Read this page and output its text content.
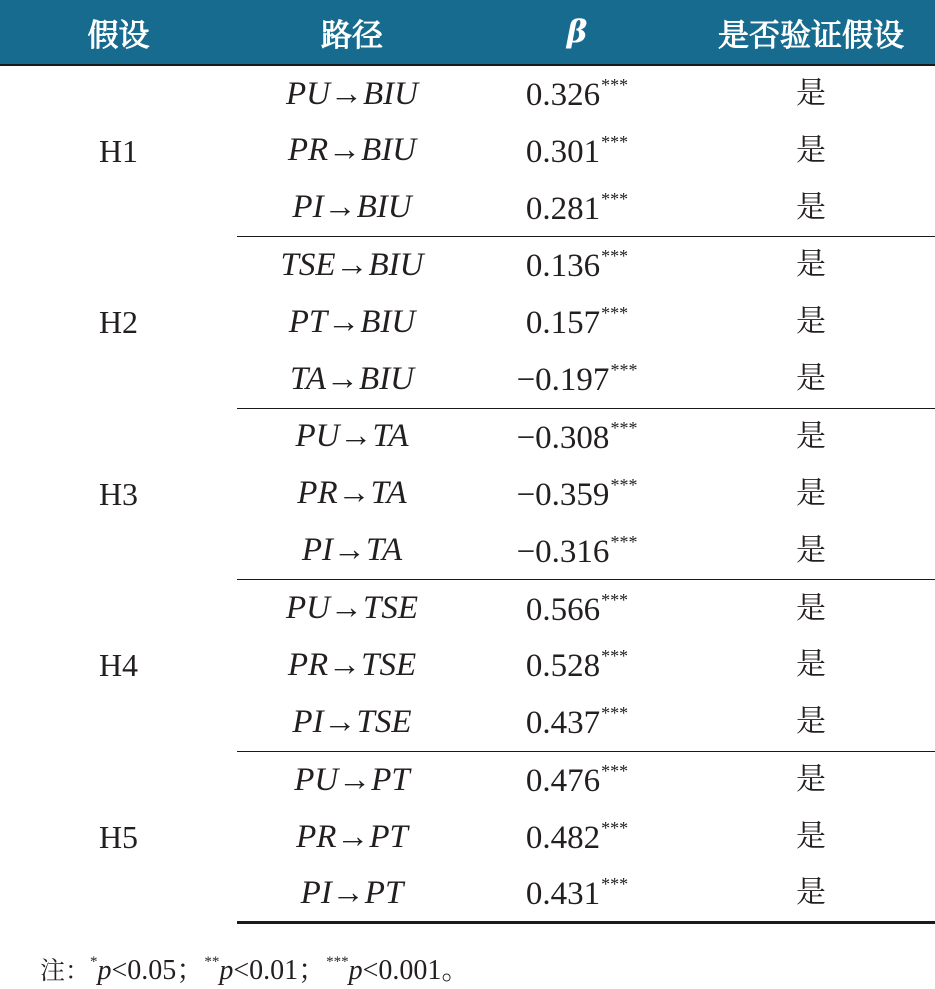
假设	路径	β	是否验证假设
H1	PU→BIU	0.326***	是
	PR→BIU	0.301***	是
	PI→BIU	0.281***	是
H2	TSE→BIU	0.136***	是
	PT→BIU	0.157***	是
	TA→BIU	−0.197***	是
H3	PU→TA	−0.308***	是
	PR→TA	−0.359***	是
	PI→TA	−0.316***	是
H4	PU→TSE	0.566***	是
	PR→TSE	0.528***	是
	PI→TSE	0.437***	是
H5	PU→PT	0.476***	是
	PR→PT	0.482***	是
	PI→PT	0.431***	是
注：*p<0.05；**p<0.01；***p<0.001。
